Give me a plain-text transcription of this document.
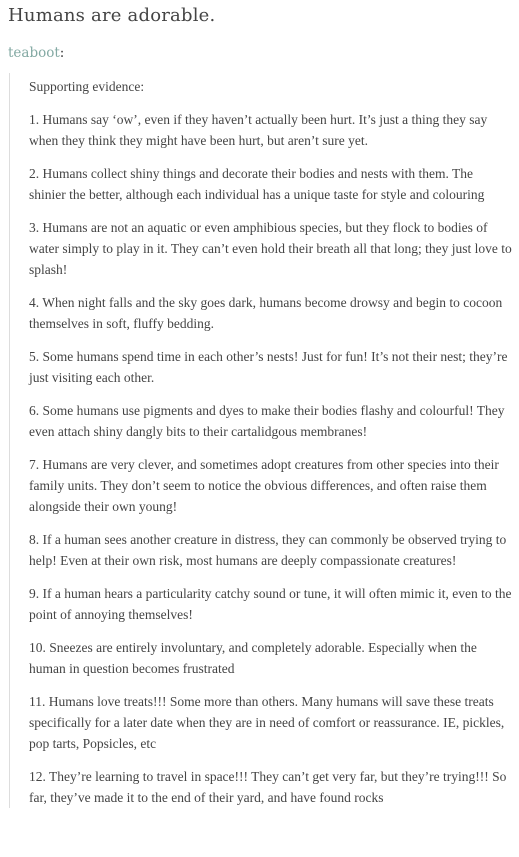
Humans are adorable.
teaboot:

Supporting evidence:

1. Humans say ‘ow’, even if they haven’t actually been hurt. It’s just a thing they say when they think they might have been hurt, but aren’t sure yet.

2. Humans collect shiny things and decorate their bodies and nests with them. The shinier the better, although each individual has a unique taste for style and colouring

3. Humans are not an aquatic or even amphibious species, but they flock to bodies of water simply to play in it. They can’t even hold their breath all that long; they just love to splash!

4. When night falls and the sky goes dark, humans become drowsy and begin to cocoon themselves in soft, fluffy bedding.

5. Some humans spend time in each other’s nests! Just for fun! It’s not their nest; they’re just visiting each other.

6. Some humans use pigments and dyes to make their bodies flashy and colourful! They even attach shiny dangly bits to their cartalidgous membranes!

7. Humans are very clever, and sometimes adopt creatures from other species into their family units. They don’t seem to notice the obvious differences, and often raise them alongside their own young!

8. If a human sees another creature in distress, they can commonly be observed trying to help! Even at their own risk, most humans are deeply compassionate creatures!

9. If a human hears a particularity catchy sound or tune, it will often mimic it, even to the point of annoying themselves!

10. Sneezes are entirely involuntary, and completely adorable. Especially when the human in question becomes frustrated

11. Humans love treats!!! Some more than others. Many humans will save these treats specifically for a later date when they are in need of comfort or reassurance. IE, pickles, pop tarts, Popsicles, etc

12. They’re learning to travel in space!!! They can’t get very far, but they’re trying!!! So far, they’ve made it to the end of their yard, and have found rocks
